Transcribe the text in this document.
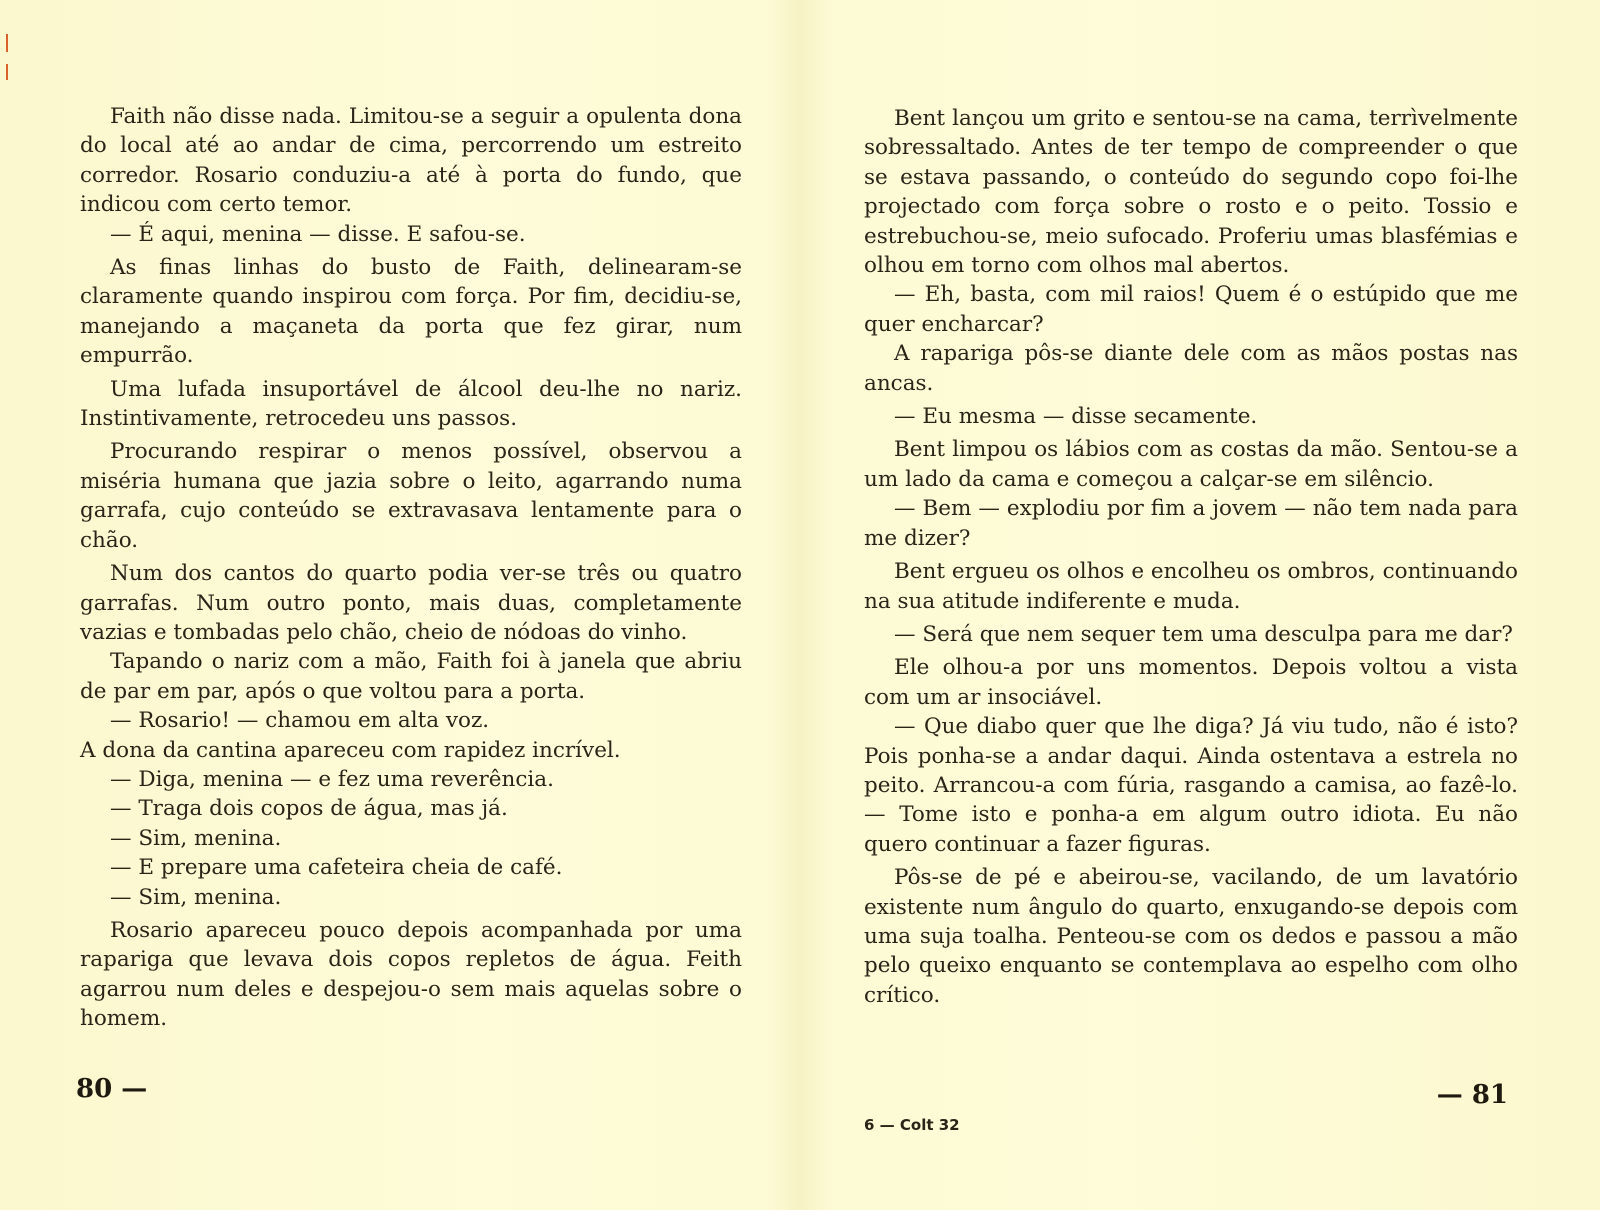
Faith não disse nada. Limitou-se a seguir a opulenta dona do local até ao andar de cima, percorrendo um estreito corredor. Rosario conduziu-a até à porta do fundo, que indicou com certo temor.

— É aqui, menina — disse. E safou-se.

As finas linhas do busto de Faith, delinearam-se claramente quando inspirou com força. Por fim, decidiu-se, manejando a maçaneta da porta que fez girar, num empurrão.

Uma lufada insuportável de álcool deu-lhe no nariz. Instintivamente, retrocedeu uns passos.

Procurando respirar o menos possível, observou a miséria humana que jazia sobre o leito, agarrando numa garrafa, cujo conteúdo se extravasava lentamente para o chão.

Num dos cantos do quarto podia ver-se três ou quatro garrafas. Num outro ponto, mais duas, completamente vazias e tombadas pelo chão, cheio de nódoas do vinho.

Tapando o nariz com a mão, Faith foi à janela que abriu de par em par, após o que voltou para a porta.

— Rosario! — chamou em alta voz.

A dona da cantina apareceu com rapidez incrível.

— Diga, menina — e fez uma reverência.

— Traga dois copos de água, mas já.

— Sim, menina.

— E prepare uma cafeteira cheia de café.

— Sim, menina.

Rosario apareceu pouco depois acompanhada por uma rapariga que levava dois copos repletos de água. Feith agarrou num deles e despejou-o sem mais aquelas sobre o homem.

80 —

Bent lançou um grito e sentou-se na cama, terrìvelmente sobressaltado. Antes de ter tempo de compreender o que se estava passando, o conteúdo do segundo copo foi-lhe projectado com força sobre o rosto e o peito. Tossio e estrebuchou-se, meio sufocado. Proferiu umas blasfémias e olhou em torno com olhos mal abertos.

— Eh, basta, com mil raios! Quem é o estúpido que me quer encharcar?

A rapariga pôs-se diante dele com as mãos postas nas ancas.

— Eu mesma — disse secamente.

Bent limpou os lábios com as costas da mão. Sentou-se a um lado da cama e começou a calçar-se em silêncio.

— Bem — explodiu por fim a jovem — não tem nada para me dizer?

Bent ergueu os olhos e encolheu os ombros, continuando na sua atitude indiferente e muda.

— Será que nem sequer tem uma desculpa para me dar?

Ele olhou-a por uns momentos. Depois voltou a vista com um ar insociável.

— Que diabo quer que lhe diga? Já viu tudo, não é isto? Pois ponha-se a andar daqui. Ainda ostentava a estrela no peito. Arrancou-a com fúria, rasgando a camisa, ao fazê-lo. — Tome isto e ponha-a em algum outro idiota. Eu não quero continuar a fazer figuras.

Pôs-se de pé e abeirou-se, vacilando, de um lavatório existente num ângulo do quarto, enxugando-se depois com uma suja toalha. Penteou-se com os dedos e passou a mão pelo queixo enquanto se contemplava ao espelho com olho crítico.

6 — Colt 32
— 81
